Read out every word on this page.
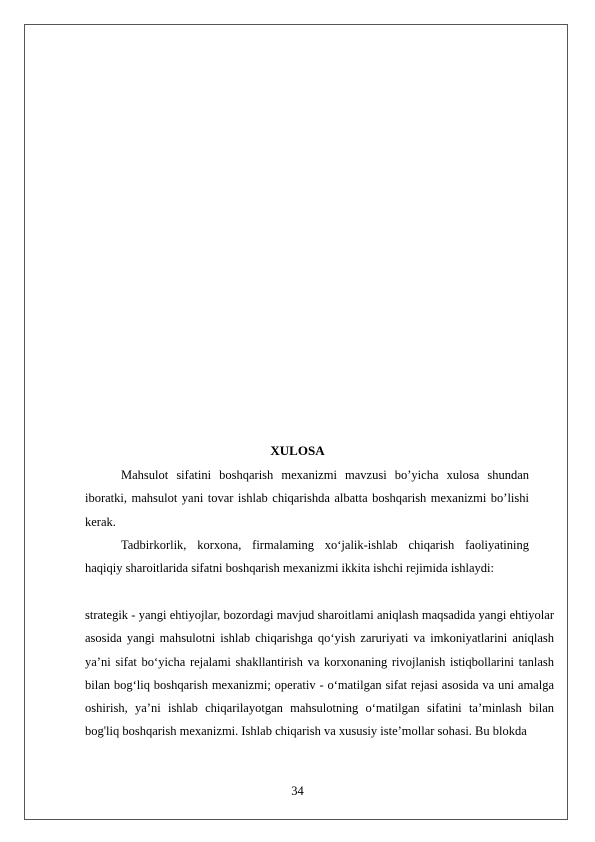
XULOSA

Mahsulot sifatini boshqarish mexanizmi mavzusi bo’yicha xulosa shundan iboratki, mahsulot yani tovar ishlab chiqarishda albatta boshqarish mexanizmi bo’lishi kerak.

Tadbirkorlik, korxona, firmalaming xo‘jalik-ishlab chiqarish faoliyatining haqiqiy sharoitlarida sifatni boshqarish mexanizmi ikkita ishchi rejimida ishlaydi:

strategik - yangi ehtiyojlar, bozordagi mavjud sharoitlami aniqlash maqsadida yangi ehtiyolar asosida yangi mahsulotni ishlab chiqarishga qo‘yish zaruriyati va imkoniyatlarini aniqlash ya’ni sifat bo‘yicha rejalami shakllantirish va korxonaning rivojlanish istiqbollarini tanlash bilan bog‘liq boshqarish mexanizmi; operativ - o‘matilgan sifat rejasi asosida va uni amalga oshirish, ya’ni ishlab chiqarilayotgan mahsulotning o‘matilgan sifatini ta’minlash bilan bog'liq boshqarish mexanizmi. Ishlab chiqarish va xususiy iste’mollar sohasi. Bu blokda

34
